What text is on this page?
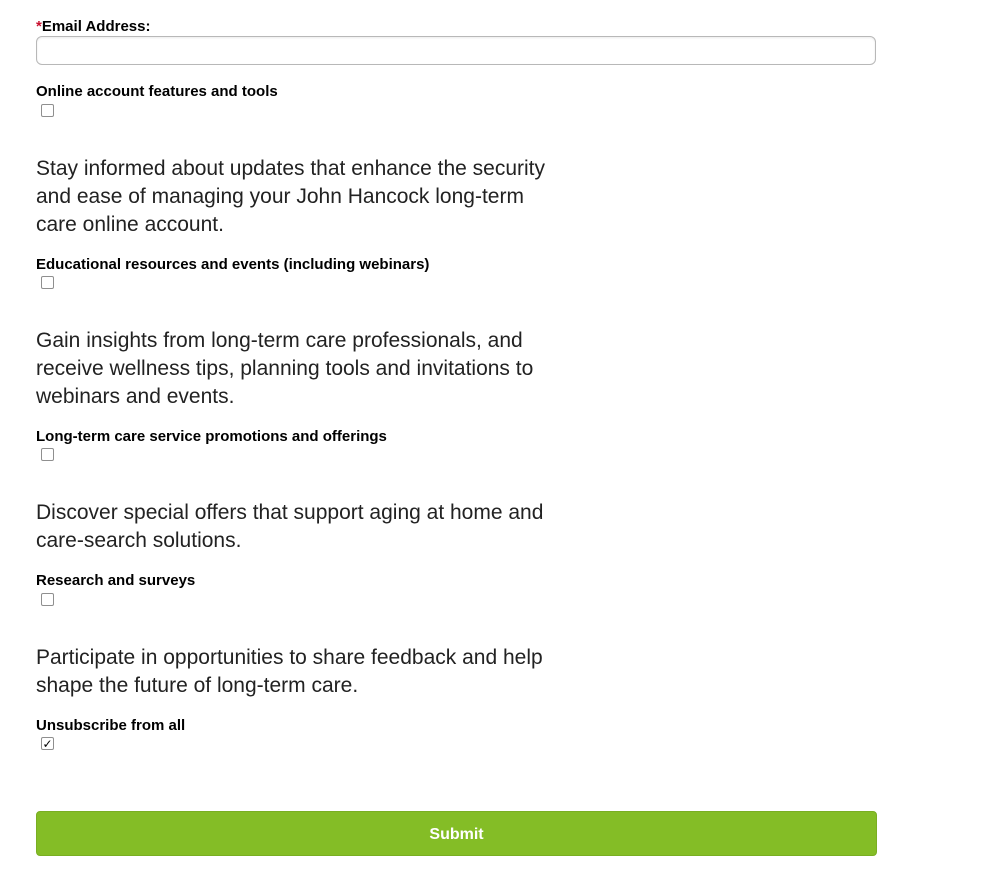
*Email Address:
Online account features and tools
Stay informed about updates that enhance the security and ease of managing your John Hancock long-term care online account.
Educational resources and events (including webinars)
Gain insights from long-term care professionals, and receive wellness tips, planning tools and invitations to webinars and events.
Long-term care service promotions and offerings
Discover special offers that support aging at home and care-search solutions.
Research and surveys
Participate in opportunities to share feedback and help shape the future of long-term care.
Unsubscribe from all
✓
Submit
